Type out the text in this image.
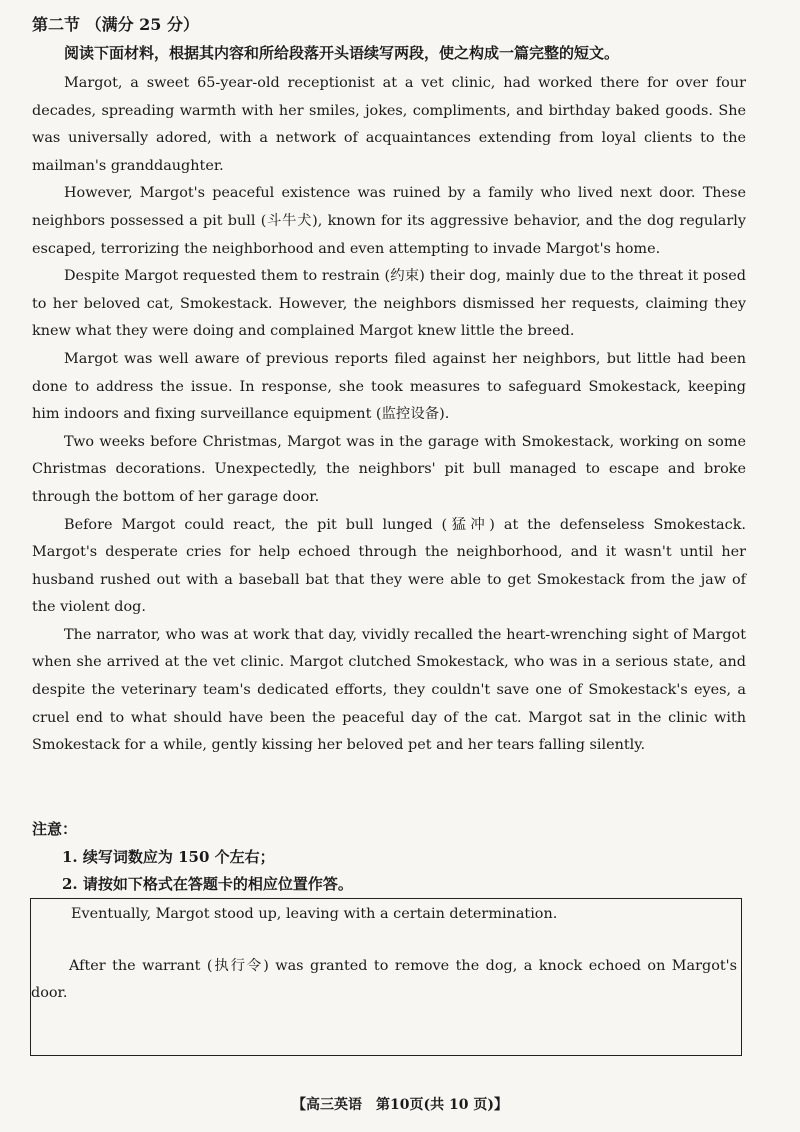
第二节 （满分 25 分）

阅读下面材料，根据其内容和所给段落开头语续写两段，使之构成一篇完整的短文。

Margot, a sweet 65-year-old receptionist at a vet clinic, had worked there for over four decades, spreading warmth with her smiles, jokes, compliments, and birthday baked goods. She was universally adored, with a network of acquaintances extending from loyal clients to the mailman's granddaughter.

However, Margot's peaceful existence was ruined by a family who lived next door. These neighbors possessed a pit bull (斗牛犬), known for its aggressive behavior, and the dog regularly escaped, terrorizing the neighborhood and even attempting to invade Margot's home.

Despite Margot requested them to restrain (约束) their dog, mainly due to the threat it posed to her beloved cat, Smokestack. However, the neighbors dismissed her requests, claiming they knew what they were doing and complained Margot knew little the breed.

Margot was well aware of previous reports filed against her neighbors, but little had been done to address the issue. In response, she took measures to safeguard Smokestack, keeping him indoors and fixing surveillance equipment (监控设备).

Two weeks before Christmas, Margot was in the garage with Smokestack, working on some Christmas decorations. Unexpectedly, the neighbors' pit bull managed to escape and broke through the bottom of her garage door.

Before Margot could react, the pit bull lunged (猛冲) at the defenseless Smokestack. Margot's desperate cries for help echoed through the neighborhood, and it wasn't until her husband rushed out with a baseball bat that they were able to get Smokestack from the jaw of the violent dog.

The narrator, who was at work that day, vividly recalled the heart-wrenching sight of Margot when she arrived at the vet clinic. Margot clutched Smokestack, who was in a serious state, and despite the veterinary team's dedicated efforts, they couldn't save one of Smokestack's eyes, a cruel end to what should have been the peaceful day of the cat. Margot sat in the clinic with Smokestack for a while, gently kissing her beloved pet and her tears falling silently.

注意：
1. 续写词数应为 150 个左右；
2. 请按如下格式在答题卡的相应位置作答。

Eventually, Margot stood up, leaving with a certain determination.

After the warrant (执行令) was granted to remove the dog, a knock echoed on Margot's door.

【高三英语　第10页(共 10 页)】
